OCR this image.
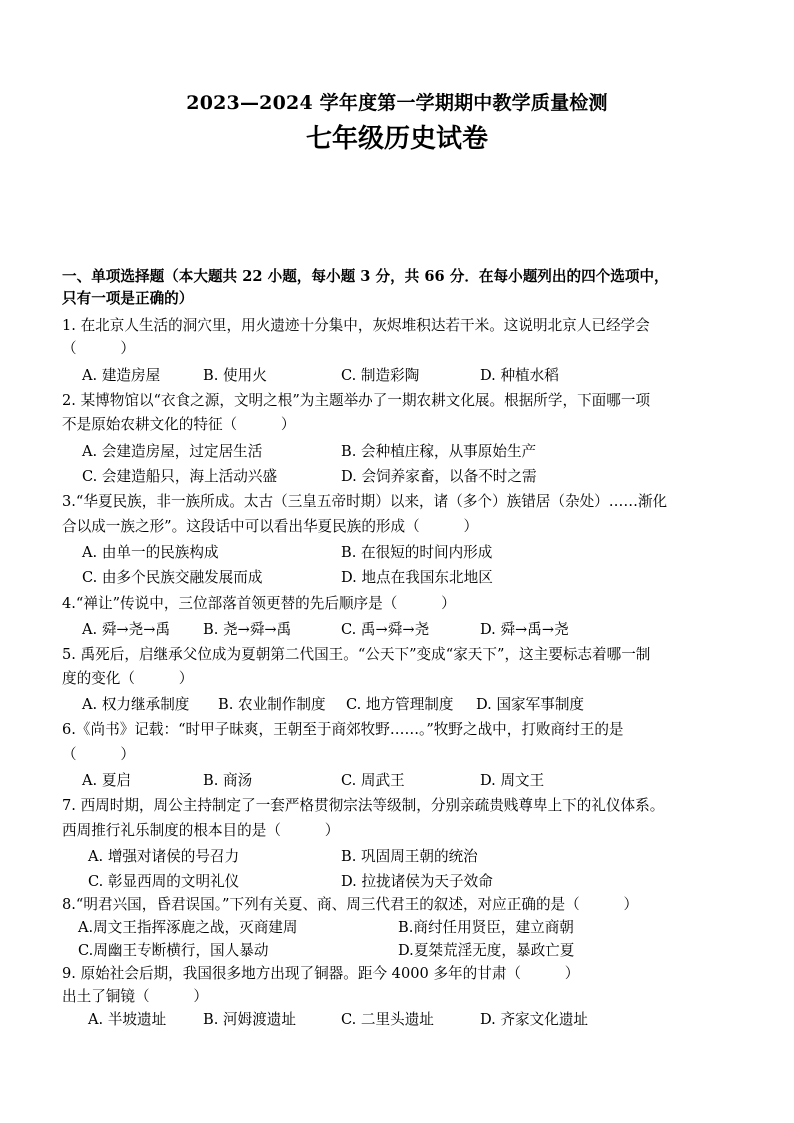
2023—2024 学年度第一学期期中教学质量检测
七年级历史试卷
一、单项选择题（本大题共 22 小题，每小题 3 分，共 66 分．在每小题列出的四个选项中，
只有一项是正确的）
1. 在北京人生活的洞穴里，用火遗迹十分集中，灰烬堆积达若干米。这说明北京人已经学会
（　　　）
A. 建造房屋	B. 使用火	C. 制造彩陶	D. 种植水稻
2. 某博物馆以“衣食之源，文明之根”为主题举办了一期农耕文化展。根据所学，下面哪一项
不是原始农耕文化的特征（　　　）
A. 会建造房屋，过定居生活	B. 会种植庄稼，从事原始生产
C. 会建造船只，海上活动兴盛	D. 会饲养家畜，以备不时之需
3.“华夏民族，非一族所成。太古（三皇五帝时期）以来，诸（多个）族错居（杂处）……渐化
合以成一族之形”。这段话中可以看出华夏民族的形成（　　　）
A. 由单一的民族构成	B. 在很短的时间内形成
C. 由多个民族交融发展而成	D. 地点在我国东北地区
4.“禅让”传说中，三位部落首领更替的先后顺序是（　　　）
A. 舜→尧→禹 B. 尧→舜→禹	C. 禹→舜→尧	D. 舜→禹→尧
5. 禹死后，启继承父位成为夏朝第二代国王。“公天下”变成“家天下”，这主要标志着哪一制
度的变化（　　　）
A. 权力继承制度 B. 农业制作制度 C. 地方管理制度 D. 国家军事制度
6.《尚书》记载：“时甲子昧爽，王朝至于商郊牧野……。”牧野之战中，打败商纣王的是
（　　　）
A. 夏启	B. 商汤	C. 周武王	D. 周文王
7. 西周时期，周公主持制定了一套严格贯彻宗法等级制，分别亲疏贵贱尊卑上下的礼仪体系。
西周推行礼乐制度的根本目的是（　　　）
A. 增强对诸侯的号召力	B. 巩固周王朝的统治
C. 彰显西周的文明礼仪	D. 拉拢诸侯为天子效命
8.“明君兴国，昏君误国。”下列有关夏、商、周三代君王的叙述，对应正确的是（　　　）
A.周文王指挥涿鹿之战，灭商建周	B.商纣任用贤臣，建立商朝
C.周幽王专断横行，国人暴动	D.夏桀荒淫无度，暴政亡夏
9. 原始社会后期，我国很多地方出现了铜器。距今 4000 多年的甘肃（　　　）
出土了铜镜（　　　）
A. 半坡遗址	B. 河姆渡遗址	C. 二里头遗址	D. 齐家文化遗址
